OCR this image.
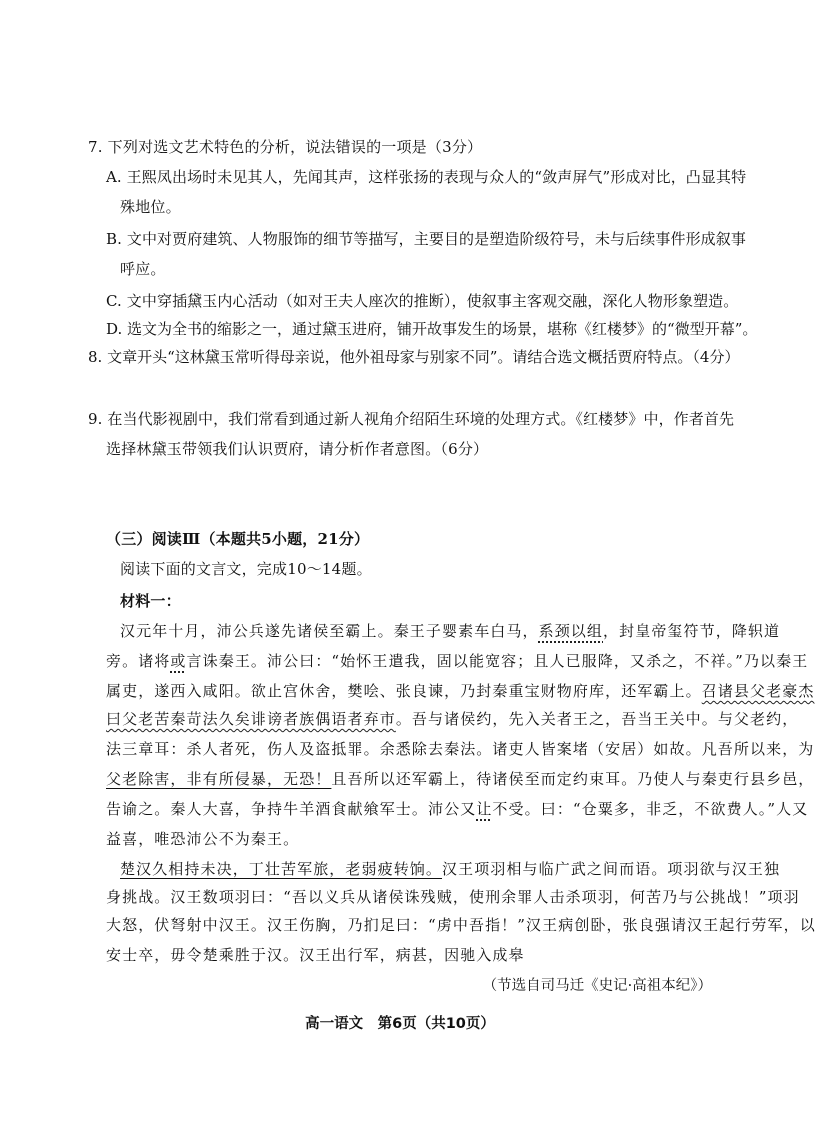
7. 下列对选文艺术特色的分析，说法错误的一项是（3分）
A. 王熙凤出场时未见其人，先闻其声，这样张扬的表现与众人的“敛声屏气”形成对比，凸显其特
殊地位。
B. 文中对贾府建筑、人物服饰的细节等描写，主要目的是塑造阶级符号，未与后续事件形成叙事
呼应。
C. 文中穿插黛玉内心活动（如对王夫人座次的推断），使叙事主客观交融，深化人物形象塑造。
D. 选文为全书的缩影之一，通过黛玉进府，铺开故事发生的场景，堪称《红楼梦》的“微型开幕”。
8. 文章开头“这林黛玉常听得母亲说，他外祖母家与别家不同”。请结合选文概括贾府特点。（4分）
9. 在当代影视剧中，我们常看到通过新人视角介绍陌生环境的处理方式。《红楼梦》中，作者首先
选择林黛玉带领我们认识贾府，请分析作者意图。（6分）
（三）阅读Ⅲ（本题共5小题，21分）
阅读下面的文言文，完成10～14题。
材料一：
汉元年十月，沛公兵遂先诸侯至霸上。秦王子婴素车白马，系颈以组，封皇帝玺符节，降轵道
旁。诸将或言诛秦王。沛公曰：“始怀王遣我，固以能宽容；且人已服降，又杀之，不祥。”乃以秦王
属吏，遂西入咸阳。欲止宫休舍，樊哙、张良谏，乃封秦重宝财物府库，还军霸上。召诸县父老豪杰
曰父老苦秦苛法久矣诽谤者族偶语者弃市。吾与诸侯约，先入关者王之，吾当王关中。与父老约，
法三章耳：杀人者死，伤人及盗抵罪。余悉除去秦法。诸吏人皆案堵（安居）如故。凡吾所以来，为
父老除害，非有所侵暴，无恐！且吾所以还军霸上，待诸侯至而定约束耳。乃使人与秦吏行县乡邑，
告谕之。秦人大喜，争持牛羊酒食献飨军士。沛公又让不受。曰：“仓粟多，非乏，不欲费人。”人又
益喜，唯恐沛公不为秦王。
楚汉久相持未决，丁壮苦军旅，老弱疲转饷。汉王项羽相与临广武之间而语。项羽欲与汉王独
身挑战。汉王数项羽曰：“吾以义兵从诸侯诛残贼，使刑余罪人击杀项羽，何苦乃与公挑战！”项羽
大怒，伏弩射中汉王。汉王伤胸，乃扪足曰：“虏中吾指！”汉王病创卧，张良强请汉王起行劳军，以
安士卒，毋令楚乘胜于汉。汉王出行军，病甚，因驰入成皋
（节选自司马迁《史记·高祖本纪》）
高一语文　第6页（共10页）
